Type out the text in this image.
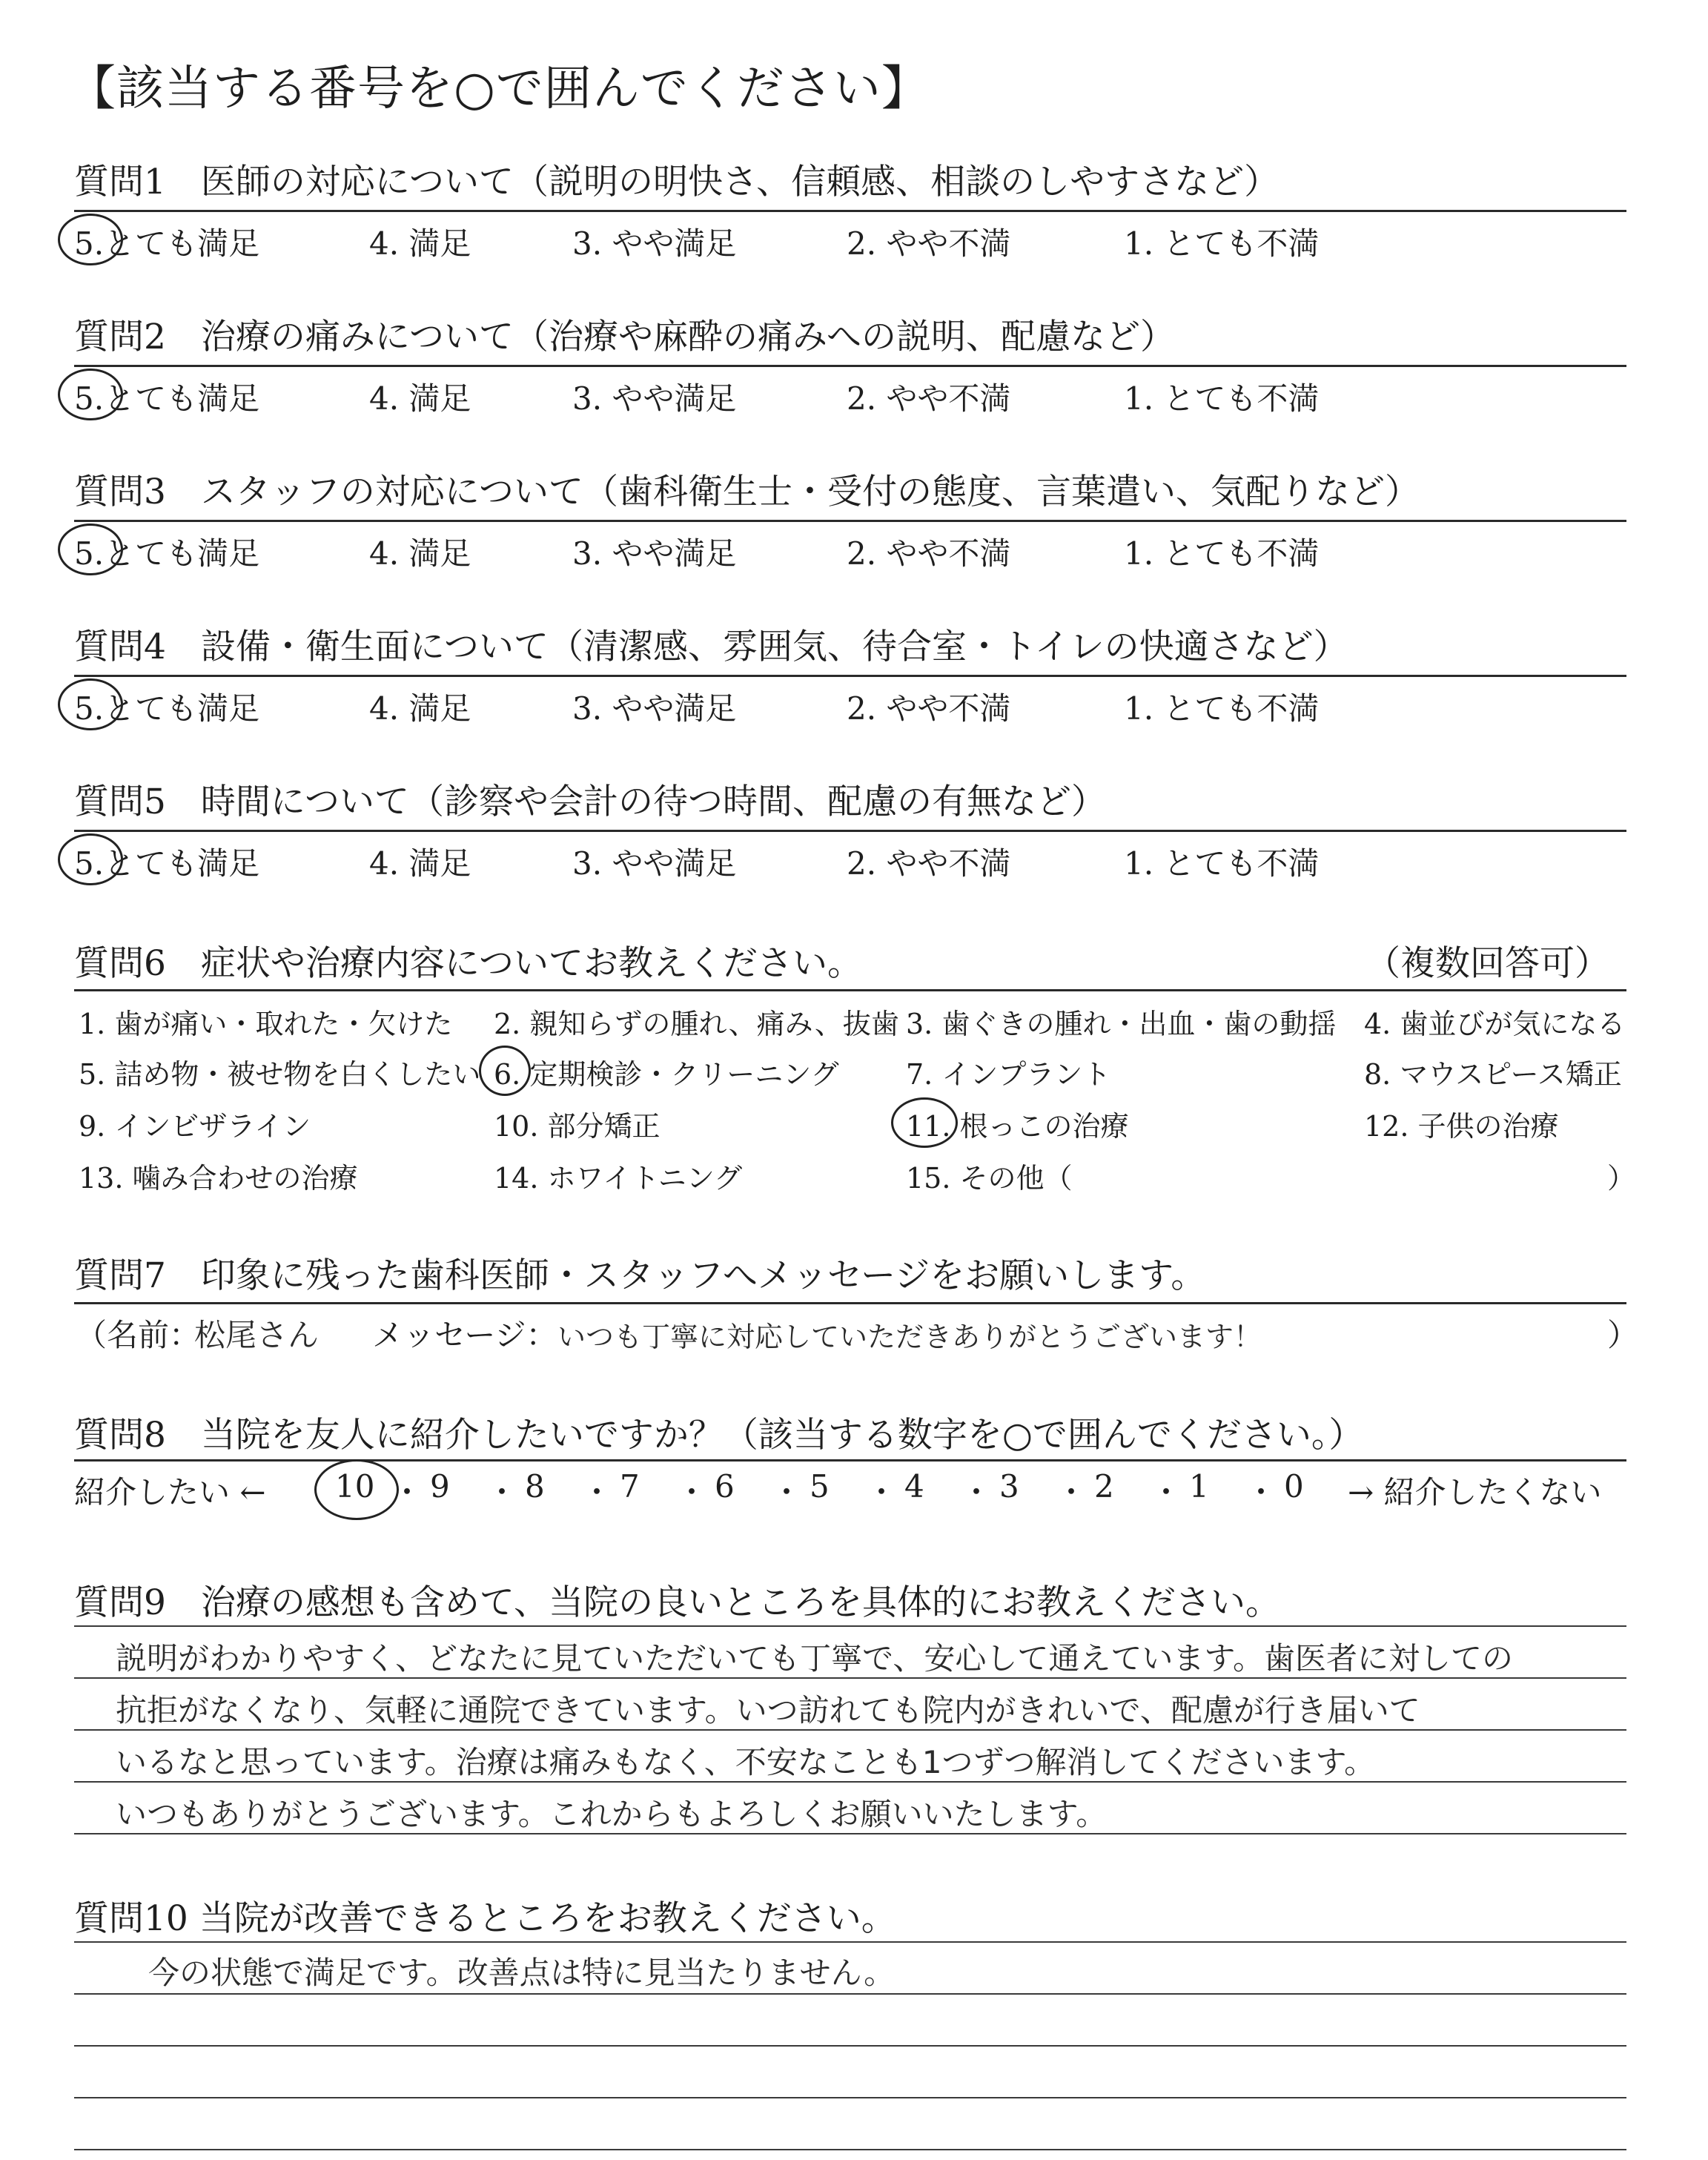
【該当する番号を○で囲んでください】
質問1　医師の対応について（説明の明快さ、信頼感、相談のしやすさなど）
5.とても満足	4. 満足	3. やや満足	2. やや不満	1. とても不満
質問2　治療の痛みについて（治療や麻酔の痛みへの説明、配慮など）
5.とても満足	4. 満足	3. やや満足	2. やや不満	1. とても不満
質問3　スタッフの対応について（歯科衛生士・受付の態度、言葉遣い、気配りなど）
5.とても満足	4. 満足	3. やや満足	2. やや不満	1. とても不満
質問4　設備・衛生面について（清潔感、雰囲気、待合室・トイレの快適さなど）
5.とても満足	4. 満足	3. やや満足	2. やや不満	1. とても不満
質問5　時間について（診察や会計の待つ時間、配慮の有無など）
5.とても満足	4. 満足	3. やや満足	2. やや不満	1. とても不満
質問6　症状や治療内容についてお教えください。	（複数回答可）
1. 歯が痛い・取れた・欠けた 2. 親知らずの腫れ、痛み、抜歯 3. 歯ぐきの腫れ・出血・歯の動揺 4. 歯並びが気になる
5. 詰め物・被せ物を白くしたい 6. 定期検診・クリーニング 7. インプラント	8. マウスピース矯正
9. インビザライン	10. 部分矯正	11. 根っこの治療	12. 子供の治療
13. 噛み合わせの治療	14. ホワイトニング	15. その他（	）
質問7　印象に残った歯科医師・スタッフへメッセージをお願いします。
（名前：
松尾さん メッセージ： いつも丁寧に対応していただきありがとうございます！	）
質問8　当院を友人に紹介したいですか？（該当する数字を○で囲んでください。）
紹介したい ← 10 ・ 9 ・ 8 ・ 7 ・ 6 ・ 5 ・ 4 ・ 3 ・ 2 ・ 1 ・ 0 → 紹介したくない
質問9　治療の感想も含めて、当院の良いところを具体的にお教えください。
説明がわかりやすく、どなたに見ていただいても丁寧で、安心して通えています。歯医者に対しての
抗拒がなくなり、気軽に通院できています。いつ訪れても院内がきれいで、配慮が行き届いて
いるなと思っています。治療は痛みもなく、不安なことも1つずつ解消してくださいます。
いつもありがとうございます。これからもよろしくお願いいたします。
質問10 当院が改善できるところをお教えください。
今の状態で満足です。改善点は特に見当たりません。
